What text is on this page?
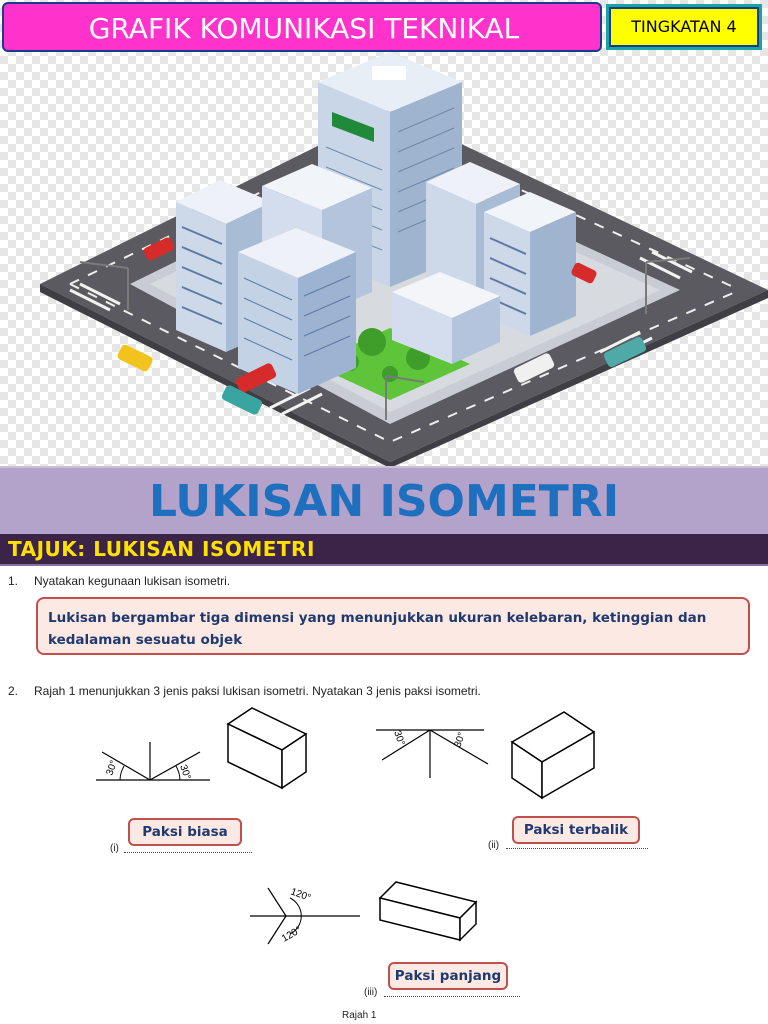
GRAFIK KOMUNIKASI TEKNIKAL	TINGKATAN 4
LUKISAN ISOMETRI
TAJUK: LUKISAN ISOMETRI
1. Nyatakan kegunaan lukisan isometri.
Lukisan bergambar tiga dimensi yang menunjukkan ukuran kelebaran, ketinggian dan kedalaman sesuatu objek
2. Rajah 1 menunjukkan 3 jenis paksi lukisan isometri. Nyatakan 3 jenis paksi isometri.
30°	30°
30°	30°
120°
120°
Paksi biasa
(i)
Paksi terbalik
(ii)
Paksi panjang
(iii)
Rajah 1
